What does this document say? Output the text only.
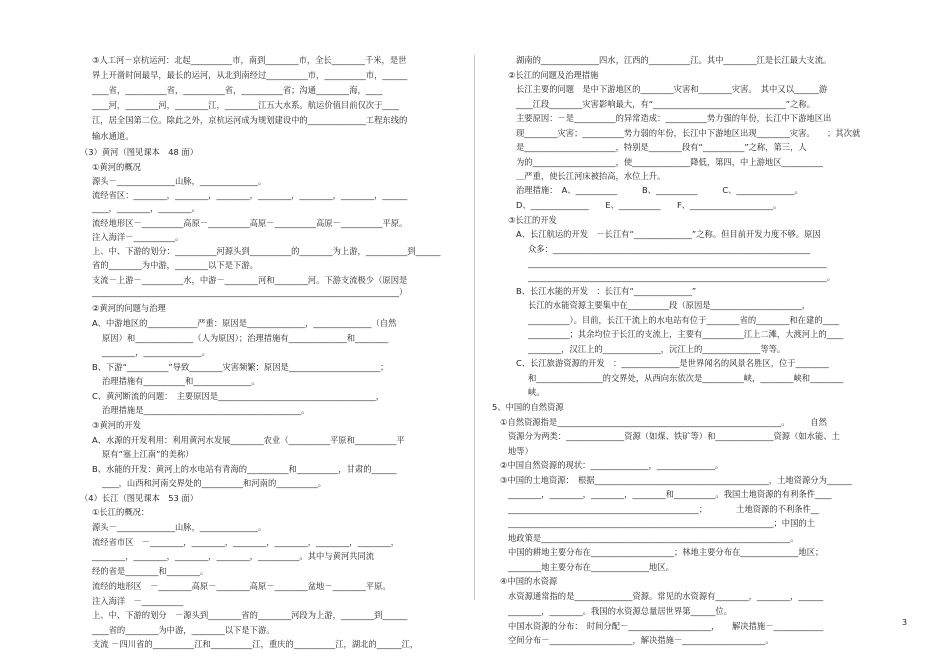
③人工河－京杭运河：北起__________市，南到________市，全长________千米，是世
界上开凿时间最早，最长的运河，从北到南经过__________市，__________市，______
____省，__________省，__________省，__________省；沟通________海，____
____河，________河，________江，________江五大水系。航运价值目前仅次于____
江，居全国第二位。除此之外，京杭运河成为规划建设中的______________工程东线的
输水通道。
（3）黄河（图见课本　48 面）
①黄河的概况
源头－______________山脉，______________。
流经省区：________，________，________，________，________，________，______
____，________，________。
流经地形区－__________高原－__________高原－__________高原－__________平原。
注入海洋－__________。
上、中、下游的划分：__________河源头到__________的________为上游，__________到______
省的________为中游，________以下是下游。
支流－上游－__________水，中游－________河和________河。下游支流极少（原因是
__________________________________________________________________________）
②黄河的问题与治理
A、中游地区的____________严重：原因是______________，______________（自然
原因）和______________（人为原因）；治理措施有______________和________
________，______________。
B、下游“__________”导致________灾害频繁：原因是______________________；
治理措施有__________和______________。
C、黄河断流的问题：　主要原因是______________________________________，
治理措施是______________________________________。
③黄河的开发
A、水源的开发利用：利用黄河水发展________农业（__________平原和__________平
原有“塞上江南”的美称）
B、水能的开发：黄河上的水电站有青海的__________和__________，甘肃的______
____，山西和河南交界处的__________和河南的__________。
（4）长江（图见课本　53 面）
①长江的概况：
源头－______________山脉，______________。
流经省市区　－________，________，________，________，________，________，
________，________，________，________，__________。其中与黄河共同流
经的省是________和________。
流经的地形区　－________高原－________高原－________盆地－________平原。
注入海洋　－__________
上、中、下游的划分　－源头到________省的________河段为上游，________到______
____省的________为中游，________以下是下游。
支流 －四川省的__________江和__________江，重庆的__________江，湖北的______江，
湖南的______________四水，江西的__________江。其中________江是长江最大支流。
②长江的问题及治理措施
长江主要的问题　是中下游地区的________灾害和________灾害。　其中又以______游
____江段________灾害影响最大，有“________________________________”之称。
主要原因：－是__________的异常造成：__________势力强的年份，长江中下游地区出
现________灾害；__________势力弱的年份，长江中下游地区出现________灾害。　　；其次就
是______________________，特别是________段有“__________”之称，第三，人
为的____________________，使______________降低，第四，中上游地区__________
＿严重，使长江河床被抬高，水位上升。
治理措施：　A、__________　　　B、__________　　　C、______________。
D、______________　　E、__________　　F、____________________。
③长江的开发
A、长江航运的开发　－长江有“______________”之称。但目前开发力度不够。原因
众多：______________________________________________________________
________________________________________________________________________
________________________________________________________________________。
B、长江水能的开发　：长江有“______________”
长江的水能资源主要集中在__________段（原因是______________________，
__________）。目前，长江干流上的水电站有位于________省的________和在建的____
__________；其余均位于长江的支流上，主要有__________江上二滩，大渡河上的____
________，汉江上的______________，沅江上的______________等等。
C、长江旅游资源的开发　：______________是世界闻名的风景名胜区，位于________
和________________的交界处，从西向东依次是__________峡，________峡和________
峡。
5、中国的自然资源
①自然资源指是______________________________________________________。　　　自然
资源分为两类：______________资源（如煤、铁矿等）和______________资源（如水能、土
地等）
②中国自然资源的现状：______________，______________。
③中国的土地资源：　根据__________________________________________，土地资源分为______
________，________，________，________和__________。我国土地资源的有利条件____
______________________________________________；　　　　土地资源的不利条件__
________________________________________________________________；中国的土
地政策是____________________________________________________________。
中国的耕地主要分布在____________________；林地主要分布在______________地区；
________地主要分布在______________地区。
④中国的水资源
水资源通常指的是______________资源。常见的水资源有________，________，______
________，________。我国的水资源总量居世界第______位。
中国水资源的分布：　时间分配－____________________，　　解决措施－____________
空间分布－____________________，解决措施－____________________。
3
